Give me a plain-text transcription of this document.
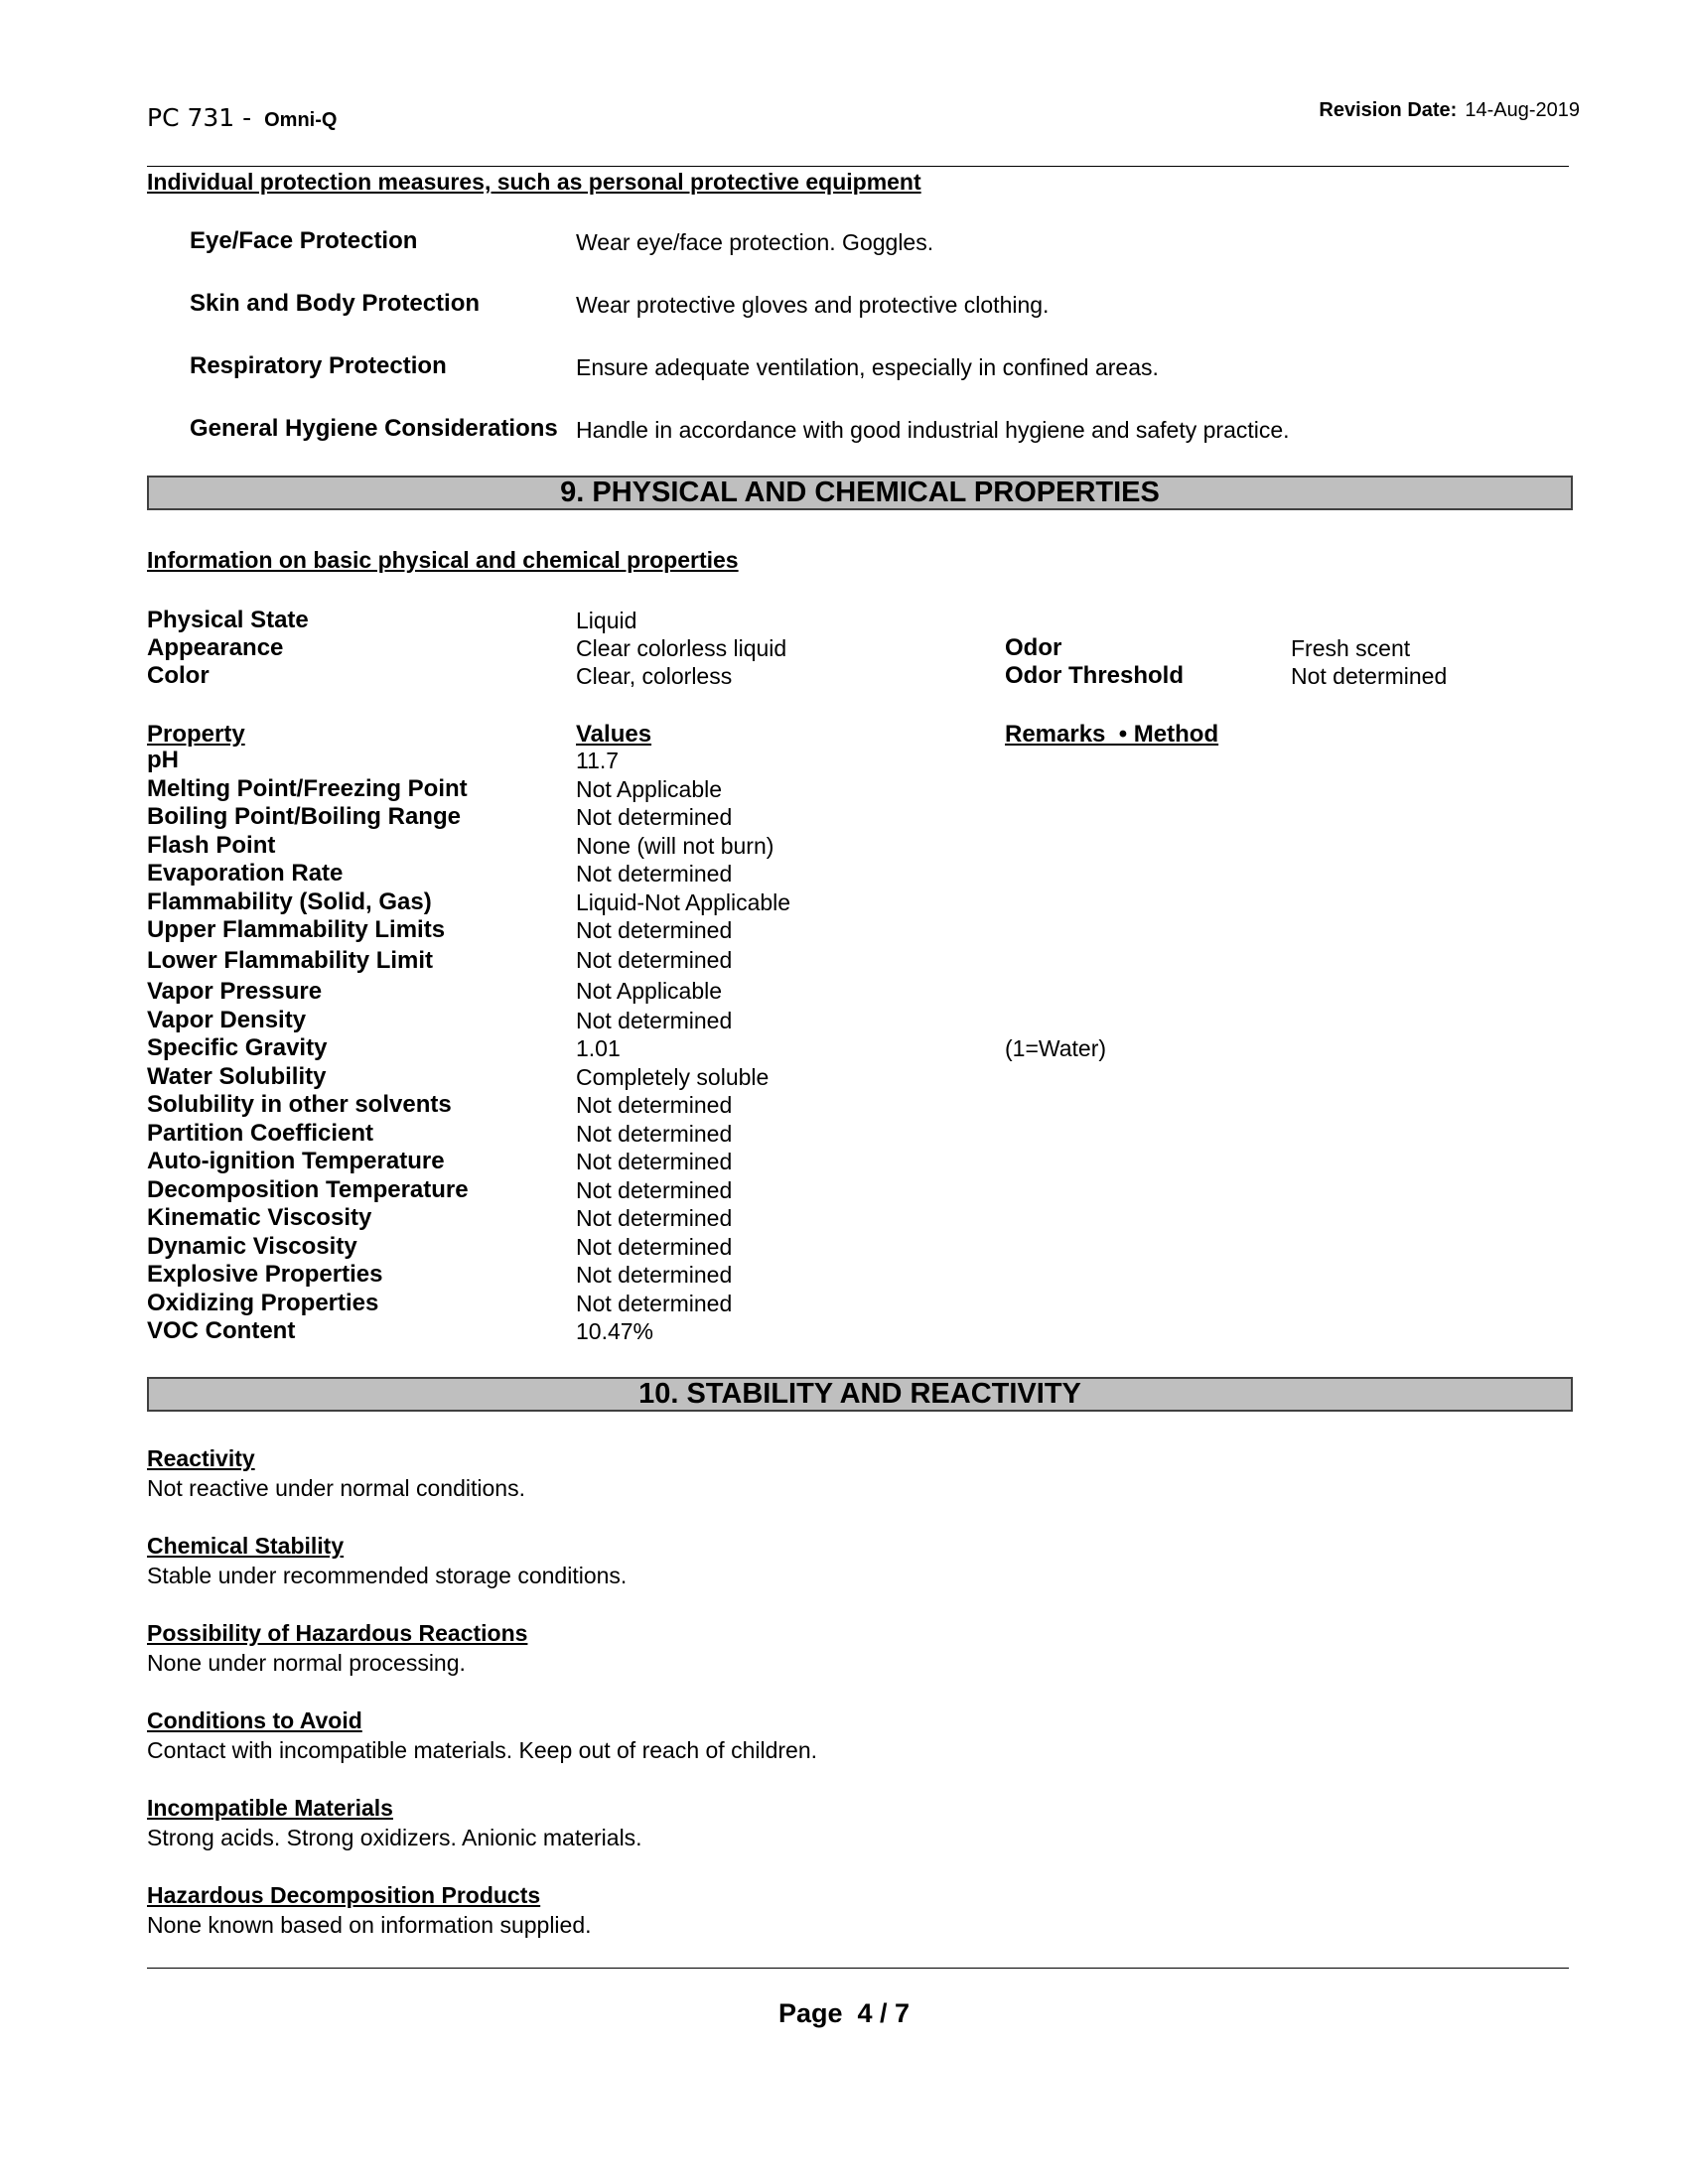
PC 731 - Omni-Q	Revision Date: 14-Aug-2019
Individual protection measures, such as personal protective equipment
Eye/Face Protection	Wear eye/face protection. Goggles.
Skin and Body Protection	Wear protective gloves and protective clothing.
Respiratory Protection	Ensure adequate ventilation, especially in confined areas.
General Hygiene Considerations Handle in accordance with good industrial hygiene and safety practice.
9. PHYSICAL AND CHEMICAL PROPERTIES
Information on basic physical and chemical properties
Physical State	Liquid
Appearance	Clear colorless liquid	Odor	Fresh scent
Color	Clear, colorless	Odor Threshold	Not determined
Property	Values	Remarks  • Method
pH	11.7
Melting Point/Freezing Point	Not Applicable
Boiling Point/Boiling Range	Not determined
Flash Point	None (will not burn)
Evaporation Rate	Not determined
Flammability (Solid, Gas)	Liquid-Not Applicable
Upper Flammability Limits	Not determined
Lower Flammability Limit	Not determined
Vapor Pressure	Not Applicable
Vapor Density	Not determined
Specific Gravity	1.01	(1=Water)
Water Solubility	Completely soluble
Solubility in other solvents	Not determined
Partition Coefficient	Not determined
Auto-ignition Temperature	Not determined
Decomposition Temperature	Not determined
Kinematic Viscosity	Not determined
Dynamic Viscosity	Not determined
Explosive Properties	Not determined
Oxidizing Properties	Not determined
VOC Content	10.47%
10. STABILITY AND REACTIVITY
Reactivity
Not reactive under normal conditions.
Chemical Stability
Stable under recommended storage conditions.
Possibility of Hazardous Reactions
None under normal processing.
Conditions to Avoid
Contact with incompatible materials. Keep out of reach of children.
Incompatible Materials
Strong acids. Strong oxidizers. Anionic materials.
Hazardous Decomposition Products
None known based on information supplied.
Page  4 / 7
